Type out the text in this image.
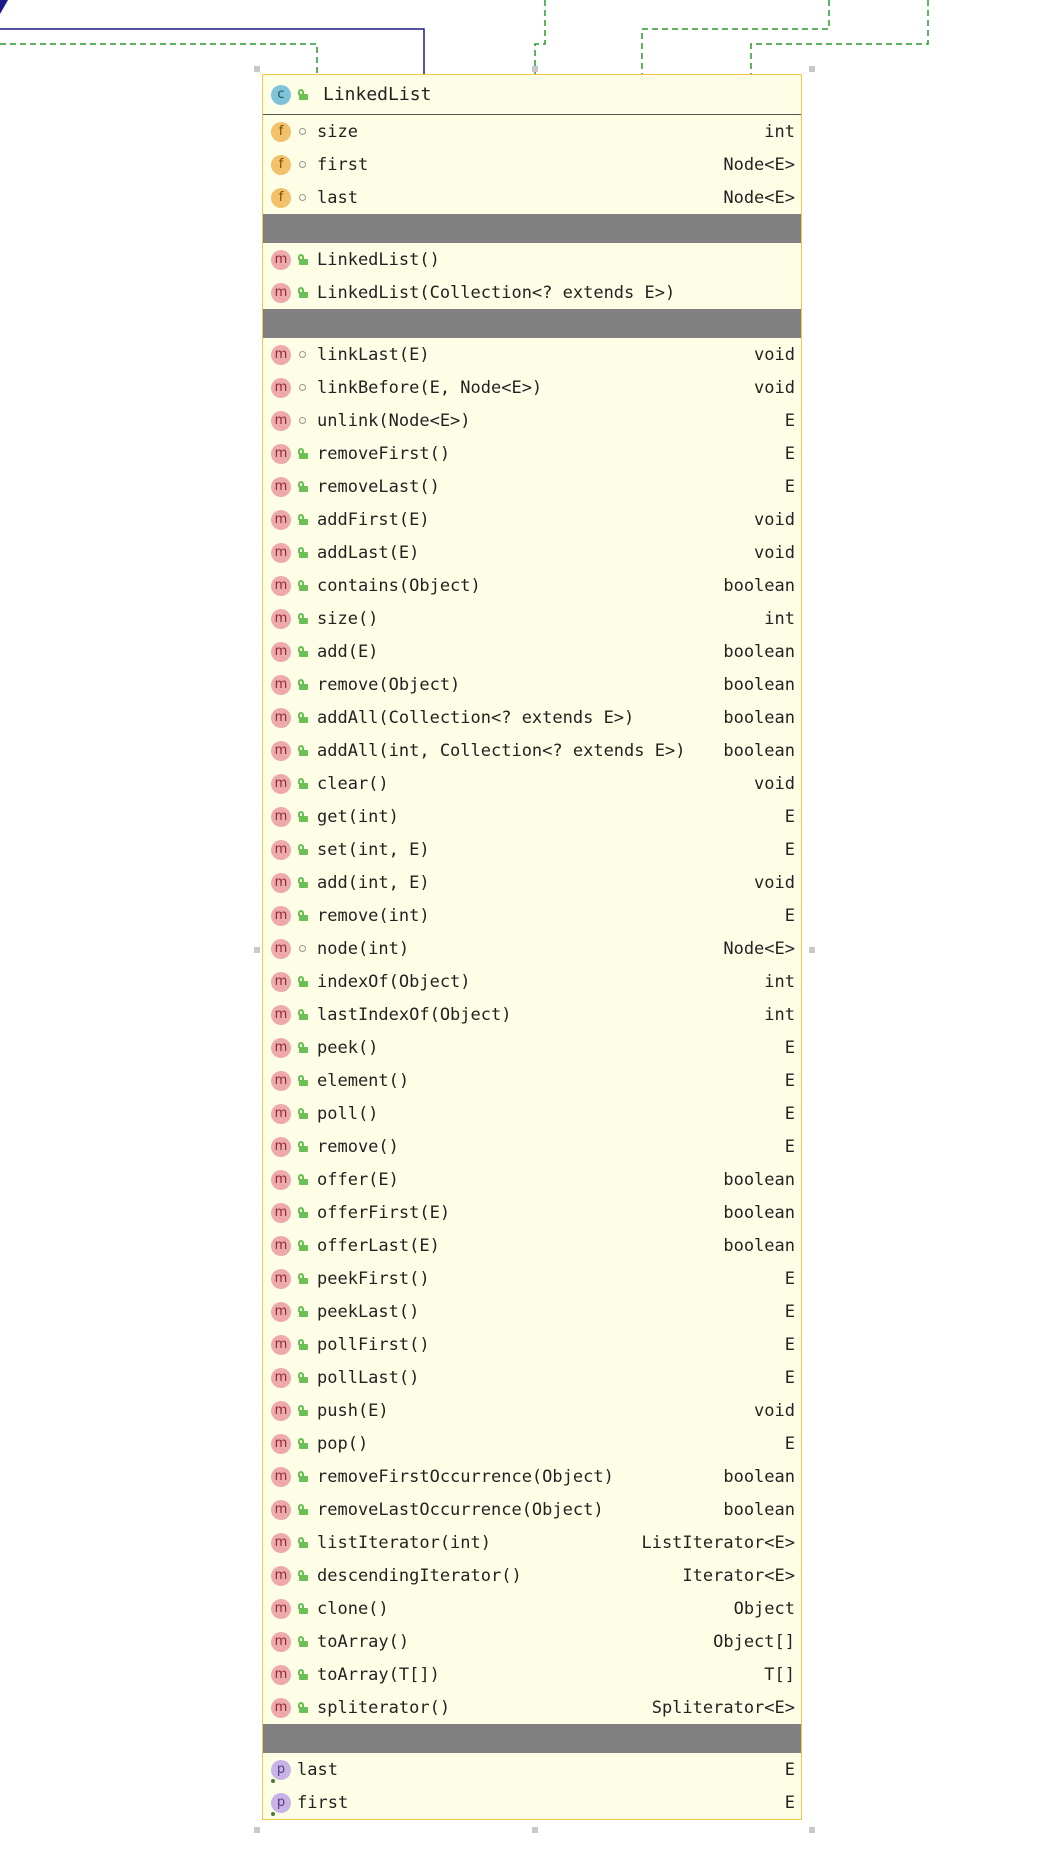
c	LinkedList
f	size	int
f	first	Node<E>
f	last	Node<E>
m LinkedList()
m LinkedList(Collection<? extends E>)
m linkLast(E)	void
m linkBefore(E, Node<E>)	void
m unlink(Node<E>)	E
m removeFirst()	E
m removeLast()	E
m addFirst(E)	void
m addLast(E)	void
m contains(Object)	boolean
m size()	int
m add(E)	boolean
m remove(Object)	boolean
m addAll(Collection<? extends E>)	boolean
m addAll(int, Collection<? extends E>) boolean
m clear()	void
m get(int)	E
m set(int, E)	E
m add(int, E)	void
m remove(int)	E
m node(int)	Node<E>
m indexOf(Object)	int
m lastIndexOf(Object)	int
m peek()	E
m element()	E
m poll()	E
m remove()	E
m offer(E)	boolean
m offerFirst(E)	boolean
m offerLast(E)	boolean
m peekFirst()	E
m peekLast()	E
m pollFirst()	E
m pollLast()	E
m push(E)	void
m pop()	E
m removeFirstOccurrence(Object)	boolean
m removeLastOccurrence(Object)	boolean
m listIterator(int)	ListIterator<E>
m descendingIterator()	Iterator<E>
m clone()	Object
m toArray()	Object[]
m toArray(T[])	T[]
m spliterator()	Spliterator<E>
p last	E
p first	E
